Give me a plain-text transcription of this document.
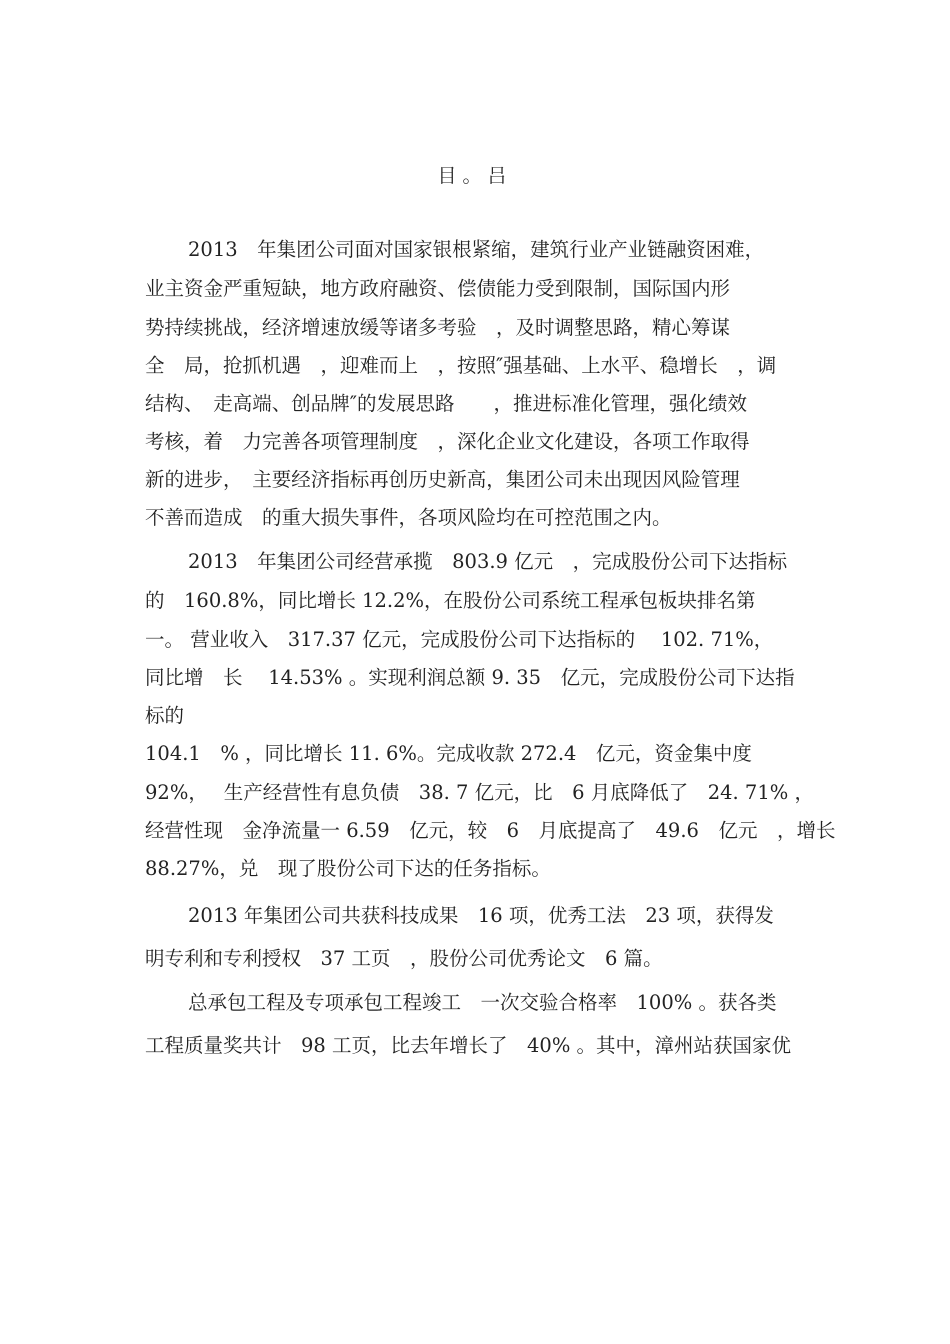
目。吕
2013　年集团公司面对国家银根紧缩，建筑行业产业链融资困难，
业主资金严重短缺，地方政府融资、偿债能力受到限制，国际国内形
势持续挑战，经济增速放缓等诸多考验　，及时调整思路，精心筹谋
全　局，抢抓机遇　，迎难而上　，按照″强基础、上水平、稳增长　，调
结构、　走高端、创品牌″的发展思路　　，推进标准化管理，强化绩效
考核，着　力完善各项管理制度　，深化企业文化建设，各项工作取得
新的进步，　主要经济指标再创历史新高，集团公司未出现因风险管理
不善而造成　的重大损失事件，各项风险均在可控范围之内。
2013　年集团公司经营承揽　803.9 亿元　，完成股份公司下达指标
的　160.8%，同比增长 12.2%，在股份公司系统工程承包板块排名第
一。 营业收入　317.37 亿元，完成股份公司下达指标的　 102. 71%，
同比增　长　 14.53% 。实现利润总额 9. 35　亿元，完成股份公司下达指
标的
104.1　% ，同比增长 11. 6%。完成收款 272.4　亿元，资金集中度
92%，　 生产经营性有息负债　38. 7 亿元，比　6 月底降低了　24. 71% ，
经营性现　金净流量一 6.59　亿元，较　6　月底提高了　49.6　亿元　，增长
88.27%，兑　现了股份公司下达的任务指标。
2013 年集团公司共获科技成果　16 项，优秀工法　23 项，获得发
明专利和专利授权　37 工页　，股份公司优秀论文　6 篇。
总承包工程及专项承包工程竣工　一次交验合格率　100% 。获各类
工程质量奖共计　98 工页，比去年增长了　40% 。其中，漳州站获国家优
